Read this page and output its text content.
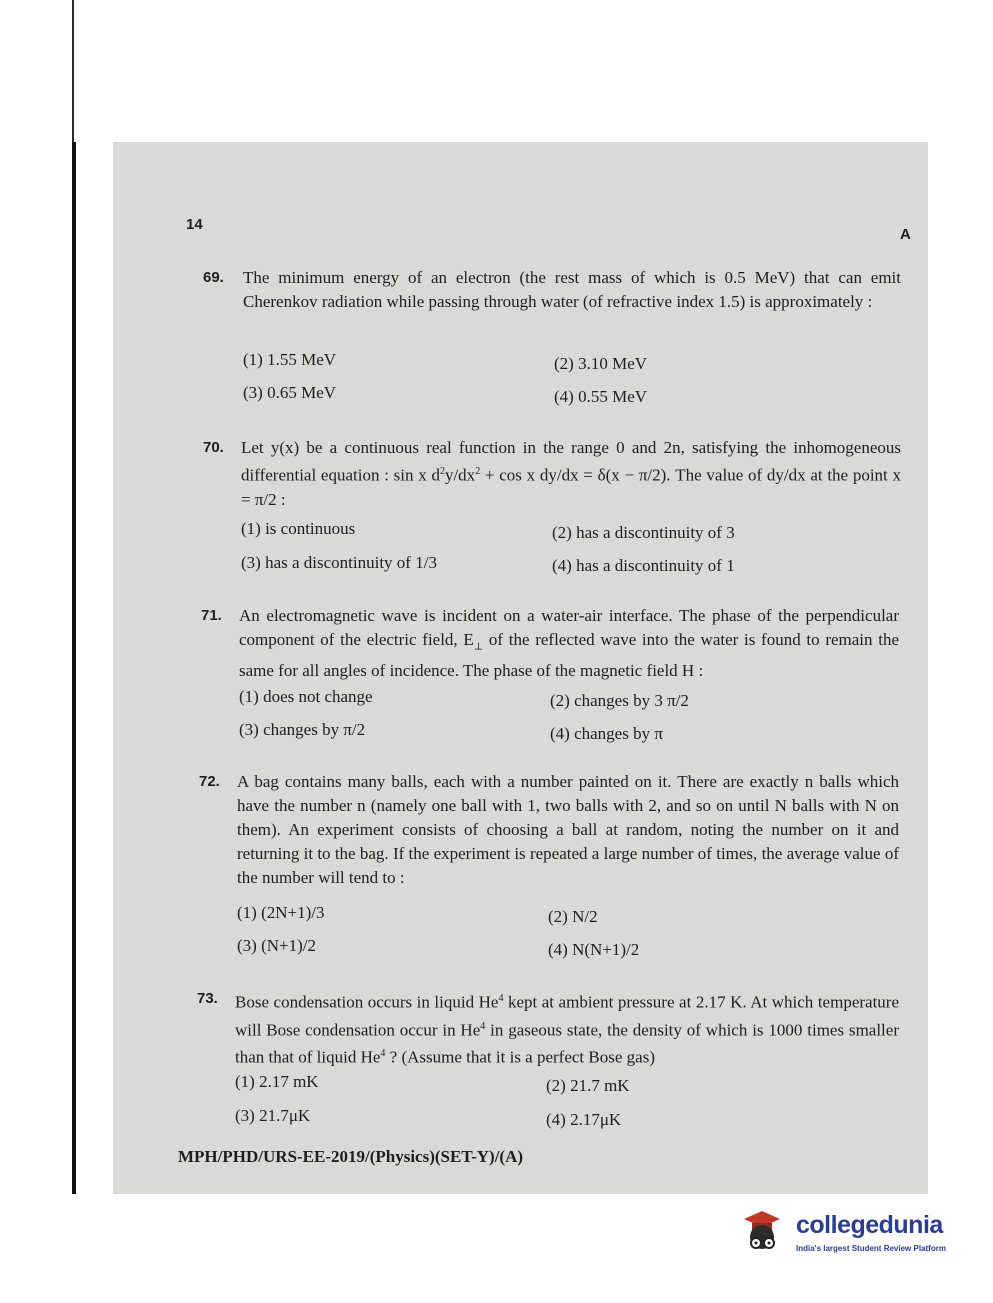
14
A
69. The minimum energy of an electron (the rest mass of which is 0.5 MeV) that can emit Cherenkov radiation while passing through water (of refractive index 1.5) is approximately :
(1) 1.55 MeV	(2) 3.10 MeV
(3) 0.65 MeV	(4) 0.55 MeV
70. Let y(x) be a continuous real function in the range 0 and 2n, satisfying the inhomogeneous differential equation : sin x $d^2y/dx^2 + \cos x$ dy/dx = δ(x − π/2). The value of dy/dx at the point x = π/2 :
(1) is continuous	(2) has a discontinuity of 3
(3) has a discontinuity of 1/3	(4) has a discontinuity of 1
71. An electromagnetic wave is incident on a water-air interface. The phase of the perpendicular component of the electric field, $E_\perp$ of the reflected wave into the water is found to remain the same for all angles of incidence. The phase of the magnetic field H :
(1) does not change	(2) changes by 3 π/2
(3) changes by π/2	(4) changes by π
72. A bag contains many balls, each with a number painted on it. There are exactly n balls which have the number n (namely one ball with 1, two balls with 2, and so on until N balls with N on them). An experiment consists of choosing a ball at random, noting the number on it and returning it to the bag. If the experiment is repeated a large number of times, the average value of the number will tend to :
(1) (2N+1)/3	(2) N/2
(3) (N+1)/2	(4) N(N+1)/2
73. Bose condensation occurs in liquid He$^4$ kept at ambient pressure at 2.17 K. At which temperature will Bose condensation occur in He$^4$ in gaseous state, the density of which is 1000 times smaller than that of liquid He$^4$ ? (Assume that it is a perfect Bose gas)
(1) 2.17 mK	(2) 21.7 mK
(3) 21.7μK	(4) 2.17μK
MPH/PHD/URS-EE-2019/(Physics)(SET-Y)/(A)
collegedunia
India's largest Student Review Platform
